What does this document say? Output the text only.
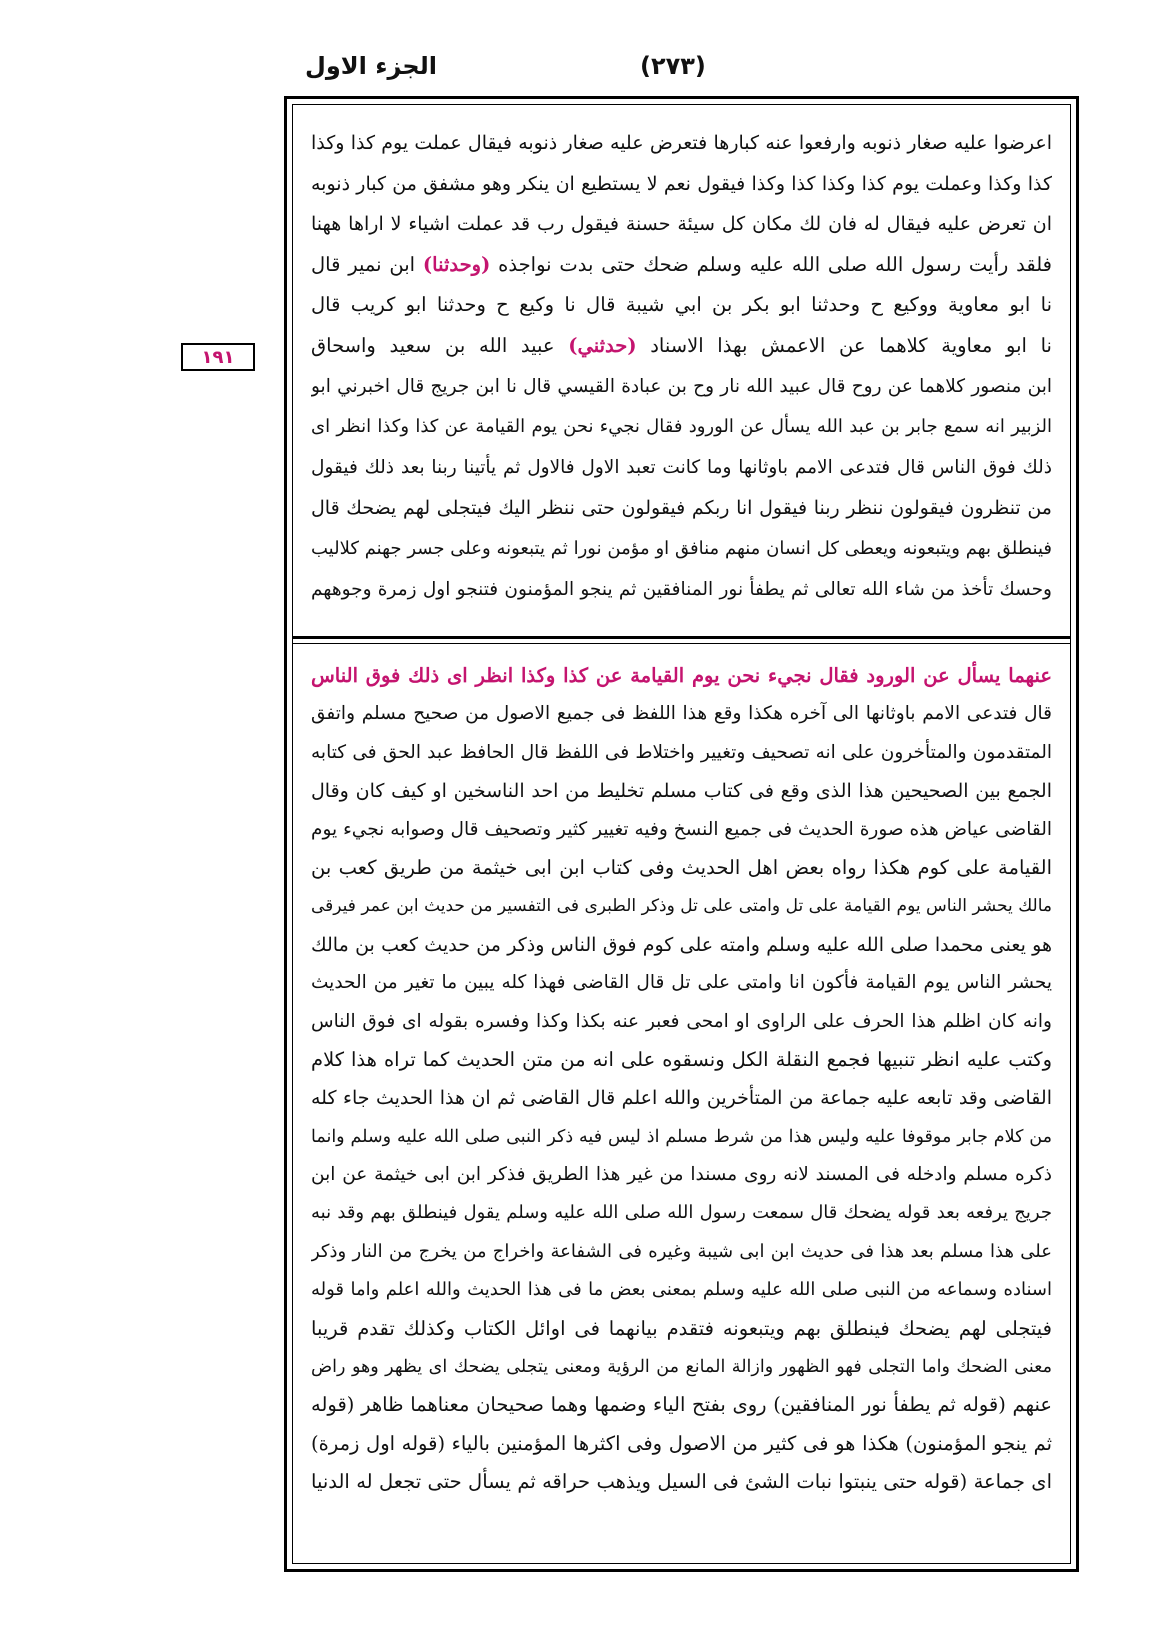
الجزء الاول	(٢٧٣)
١٩١
اعرضوا عليه صغار ذنوبه وارفعوا عنه كبارها فتعرض عليه صغار ذنوبه فيقال عملت يوم كذا وكذا
كذا وكذا وعملت يوم كذا وكذا كذا وكذا فيقول نعم لا يستطيع ان ينكر وهو مشفق من كبار ذنوبه
ان تعرض عليه فيقال له فان لك مكان كل سيئة حسنة فيقول رب قد عملت اشياء لا اراها ههنا
فلقد رأيت رسول الله صلى الله عليه وسلم ضحك حتى بدت نواجذه (وحدثنا) ابن نمير قال
نا ابو معاوية ووكيع ح وحدثنا ابو بكر بن ابي شيبة قال نا وكيع ح وحدثنا ابو كريب قال
نا ابو معاوية كلاهما عن الاعمش بهذا الاسناد (حدثني) عبيد الله بن سعيد واسحاق
ابن منصور كلاهما عن روح قال عبيد الله نار وح بن عبادة القيسي قال نا ابن جريج قال اخبرني ابو
الزبير انه سمع جابر بن عبد الله يسأل عن الورود فقال نجيء نحن يوم القيامة عن كذا وكذا انظر اى
ذلك فوق الناس قال فتدعى الامم باوثانها وما كانت تعبد الاول فالاول ثم يأتينا ربنا بعد ذلك فيقول
من تنظرون فيقولون ننظر ربنا فيقول انا ربكم فيقولون حتى ننظر اليك فيتجلى لهم يضحك قال
فينطلق بهم ويتبعونه ويعطى كل انسان منهم منافق او مؤمن نورا ثم يتبعونه وعلى جسر جهنم كلاليب
وحسك تأخذ من شاء الله تعالى ثم يطفأ نور المنافقين ثم ينجو المؤمنون فتنجو اول زمرة وجوههم
عنهما يسأل عن الورود فقال نجيء نحن يوم القيامة عن كذا وكذا انظر اى ذلك فوق الناس
قال فتدعى الامم باوثانها الى آخره هكذا وقع هذا اللفظ فى جميع الاصول من صحيح مسلم واتفق
المتقدمون والمتأخرون على انه تصحيف وتغيير واختلاط فى اللفظ قال الحافظ عبد الحق فى كتابه
الجمع بين الصحيحين هذا الذى وقع فى كتاب مسلم تخليط من احد الناسخين او كيف كان وقال
القاضى عياض هذه صورة الحديث فى جميع النسخ وفيه تغيير كثير وتصحيف قال وصوابه نجيء يوم
القيامة على كوم هكذا رواه بعض اهل الحديث وفى كتاب ابن ابى خيثمة من طريق كعب بن
مالك يحشر الناس يوم القيامة على تل وامتى على تل وذكر الطبرى فى التفسير من حديث ابن عمر فيرقى
هو يعنى محمدا صلى الله عليه وسلم وامته على كوم فوق الناس وذكر من حديث كعب بن مالك
يحشر الناس يوم القيامة فأكون انا وامتى على تل قال القاضى فهذا كله يبين ما تغير من الحديث
وانه كان اظلم هذا الحرف على الراوى او امحى فعبر عنه بكذا وكذا وفسره بقوله اى فوق الناس
وكتب عليه انظر تنبيها فجمع النقلة الكل ونسقوه على انه من متن الحديث كما تراه هذا كلام
القاضى وقد تابعه عليه جماعة من المتأخرين والله اعلم قال القاضى ثم ان هذا الحديث جاء كله
من كلام جابر موقوفا عليه وليس هذا من شرط مسلم اذ ليس فيه ذكر النبى صلى الله عليه وسلم وانما
ذكره مسلم وادخله فى المسند لانه روى مسندا من غير هذا الطريق فذكر ابن ابى خيثمة عن ابن
جريج يرفعه بعد قوله يضحك قال سمعت رسول الله صلى الله عليه وسلم يقول فينطلق بهم وقد نبه
على هذا مسلم بعد هذا فى حديث ابن ابى شيبة وغيره فى الشفاعة واخراج من يخرج من النار وذكر
اسناده وسماعه من النبى صلى الله عليه وسلم بمعنى بعض ما فى هذا الحديث والله اعلم واما قوله
فيتجلى لهم يضحك فينطلق بهم ويتبعونه فتقدم بيانهما فى اوائل الكتاب وكذلك تقدم قريبا
معنى الضحك واما التجلى فهو الظهور وازالة المانع من الرؤية ومعنى يتجلى يضحك اى يظهر وهو راض
عنهم (قوله ثم يطفأ نور المنافقين) روى بفتح الياء وضمها وهما صحيحان معناهما ظاهر (قوله
ثم ينجو المؤمنون) هكذا هو فى كثير من الاصول وفى اكثرها المؤمنين بالياء (قوله اول زمرة)
اى جماعة (قوله حتى ينبتوا نبات الشئ فى السيل ويذهب حراقه ثم يسأل حتى تجعل له الدنيا
